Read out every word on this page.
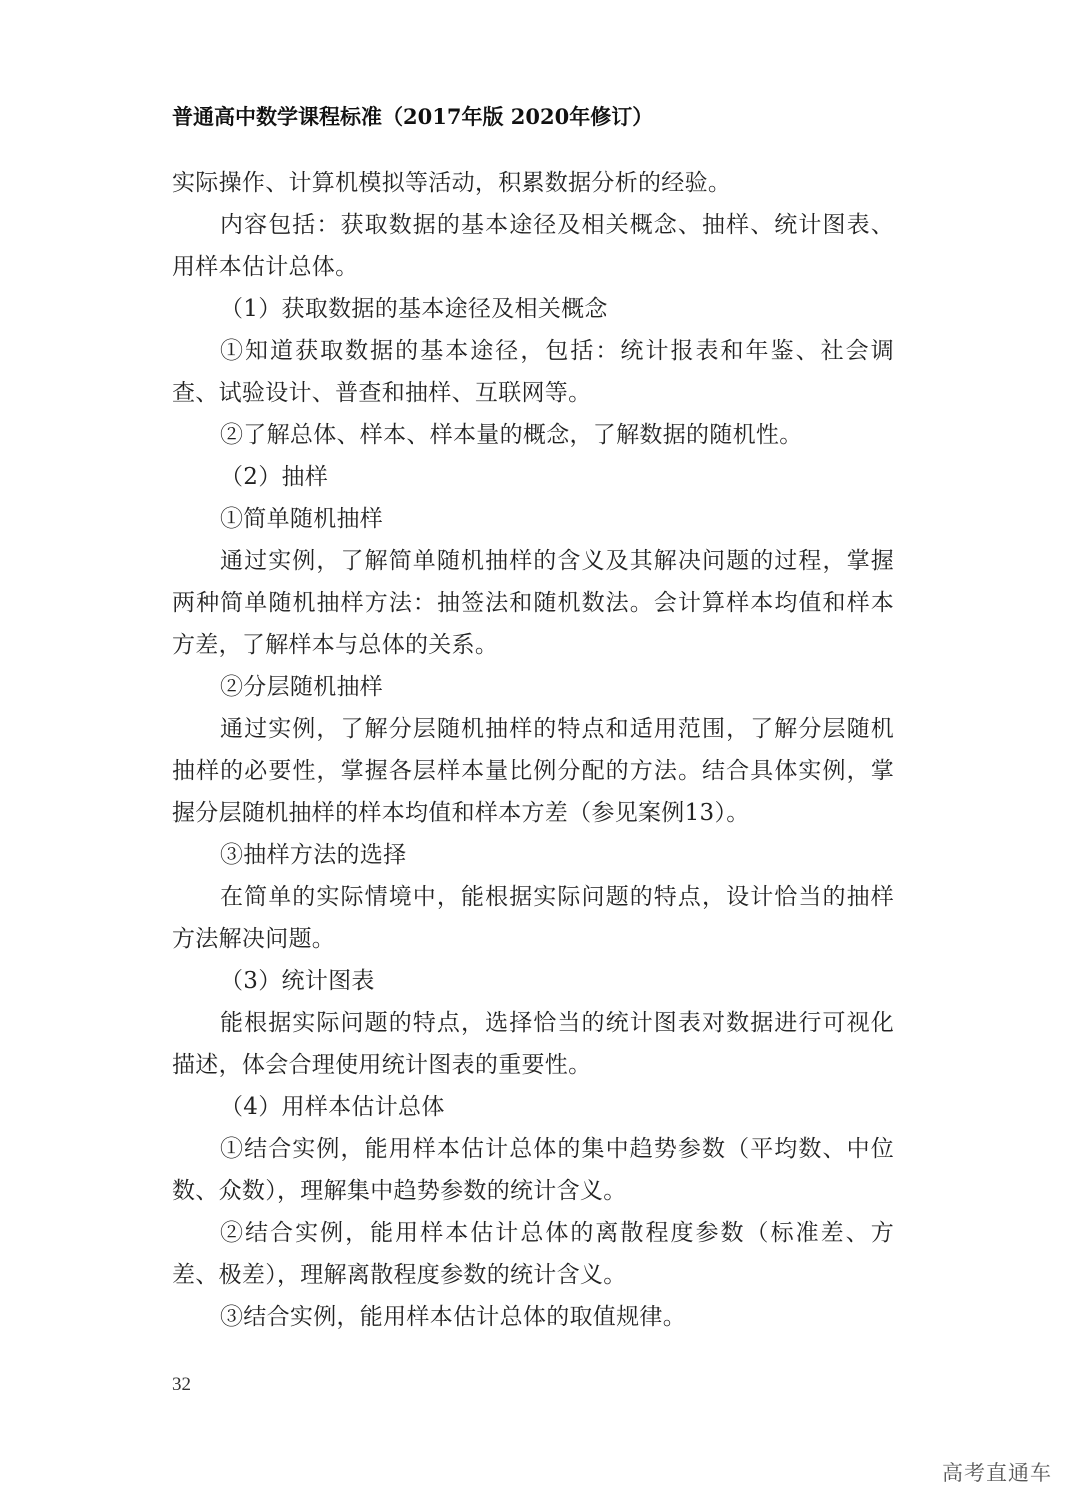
普通高中数学课程标准（2017年版 2020年修订）

实际操作、计算机模拟等活动，积累数据分析的经验。

内容包括：获取数据的基本途径及相关概念、抽样、统计图表、用样本估计总体。

（1）获取数据的基本途径及相关概念

①知道获取数据的基本途径，包括：统计报表和年鉴、社会调查、试验设计、普查和抽样、互联网等。

②了解总体、样本、样本量的概念，了解数据的随机性。

（2）抽样

①简单随机抽样

通过实例，了解简单随机抽样的含义及其解决问题的过程，掌握两种简单随机抽样方法：抽签法和随机数法。会计算样本均值和样本方差，了解样本与总体的关系。

②分层随机抽样

通过实例，了解分层随机抽样的特点和适用范围，了解分层随机抽样的必要性，掌握各层样本量比例分配的方法。结合具体实例，掌握分层随机抽样的样本均值和样本方差（参见案例13）。

③抽样方法的选择

在简单的实际情境中，能根据实际问题的特点，设计恰当的抽样方法解决问题。

（3）统计图表

能根据实际问题的特点，选择恰当的统计图表对数据进行可视化描述，体会合理使用统计图表的重要性。

（4）用样本估计总体

①结合实例，能用样本估计总体的集中趋势参数（平均数、中位数、众数），理解集中趋势参数的统计含义。

②结合实例，能用样本估计总体的离散程度参数（标准差、方差、极差），理解离散程度参数的统计含义。

③结合实例，能用样本估计总体的取值规律。

32
高考直通车
